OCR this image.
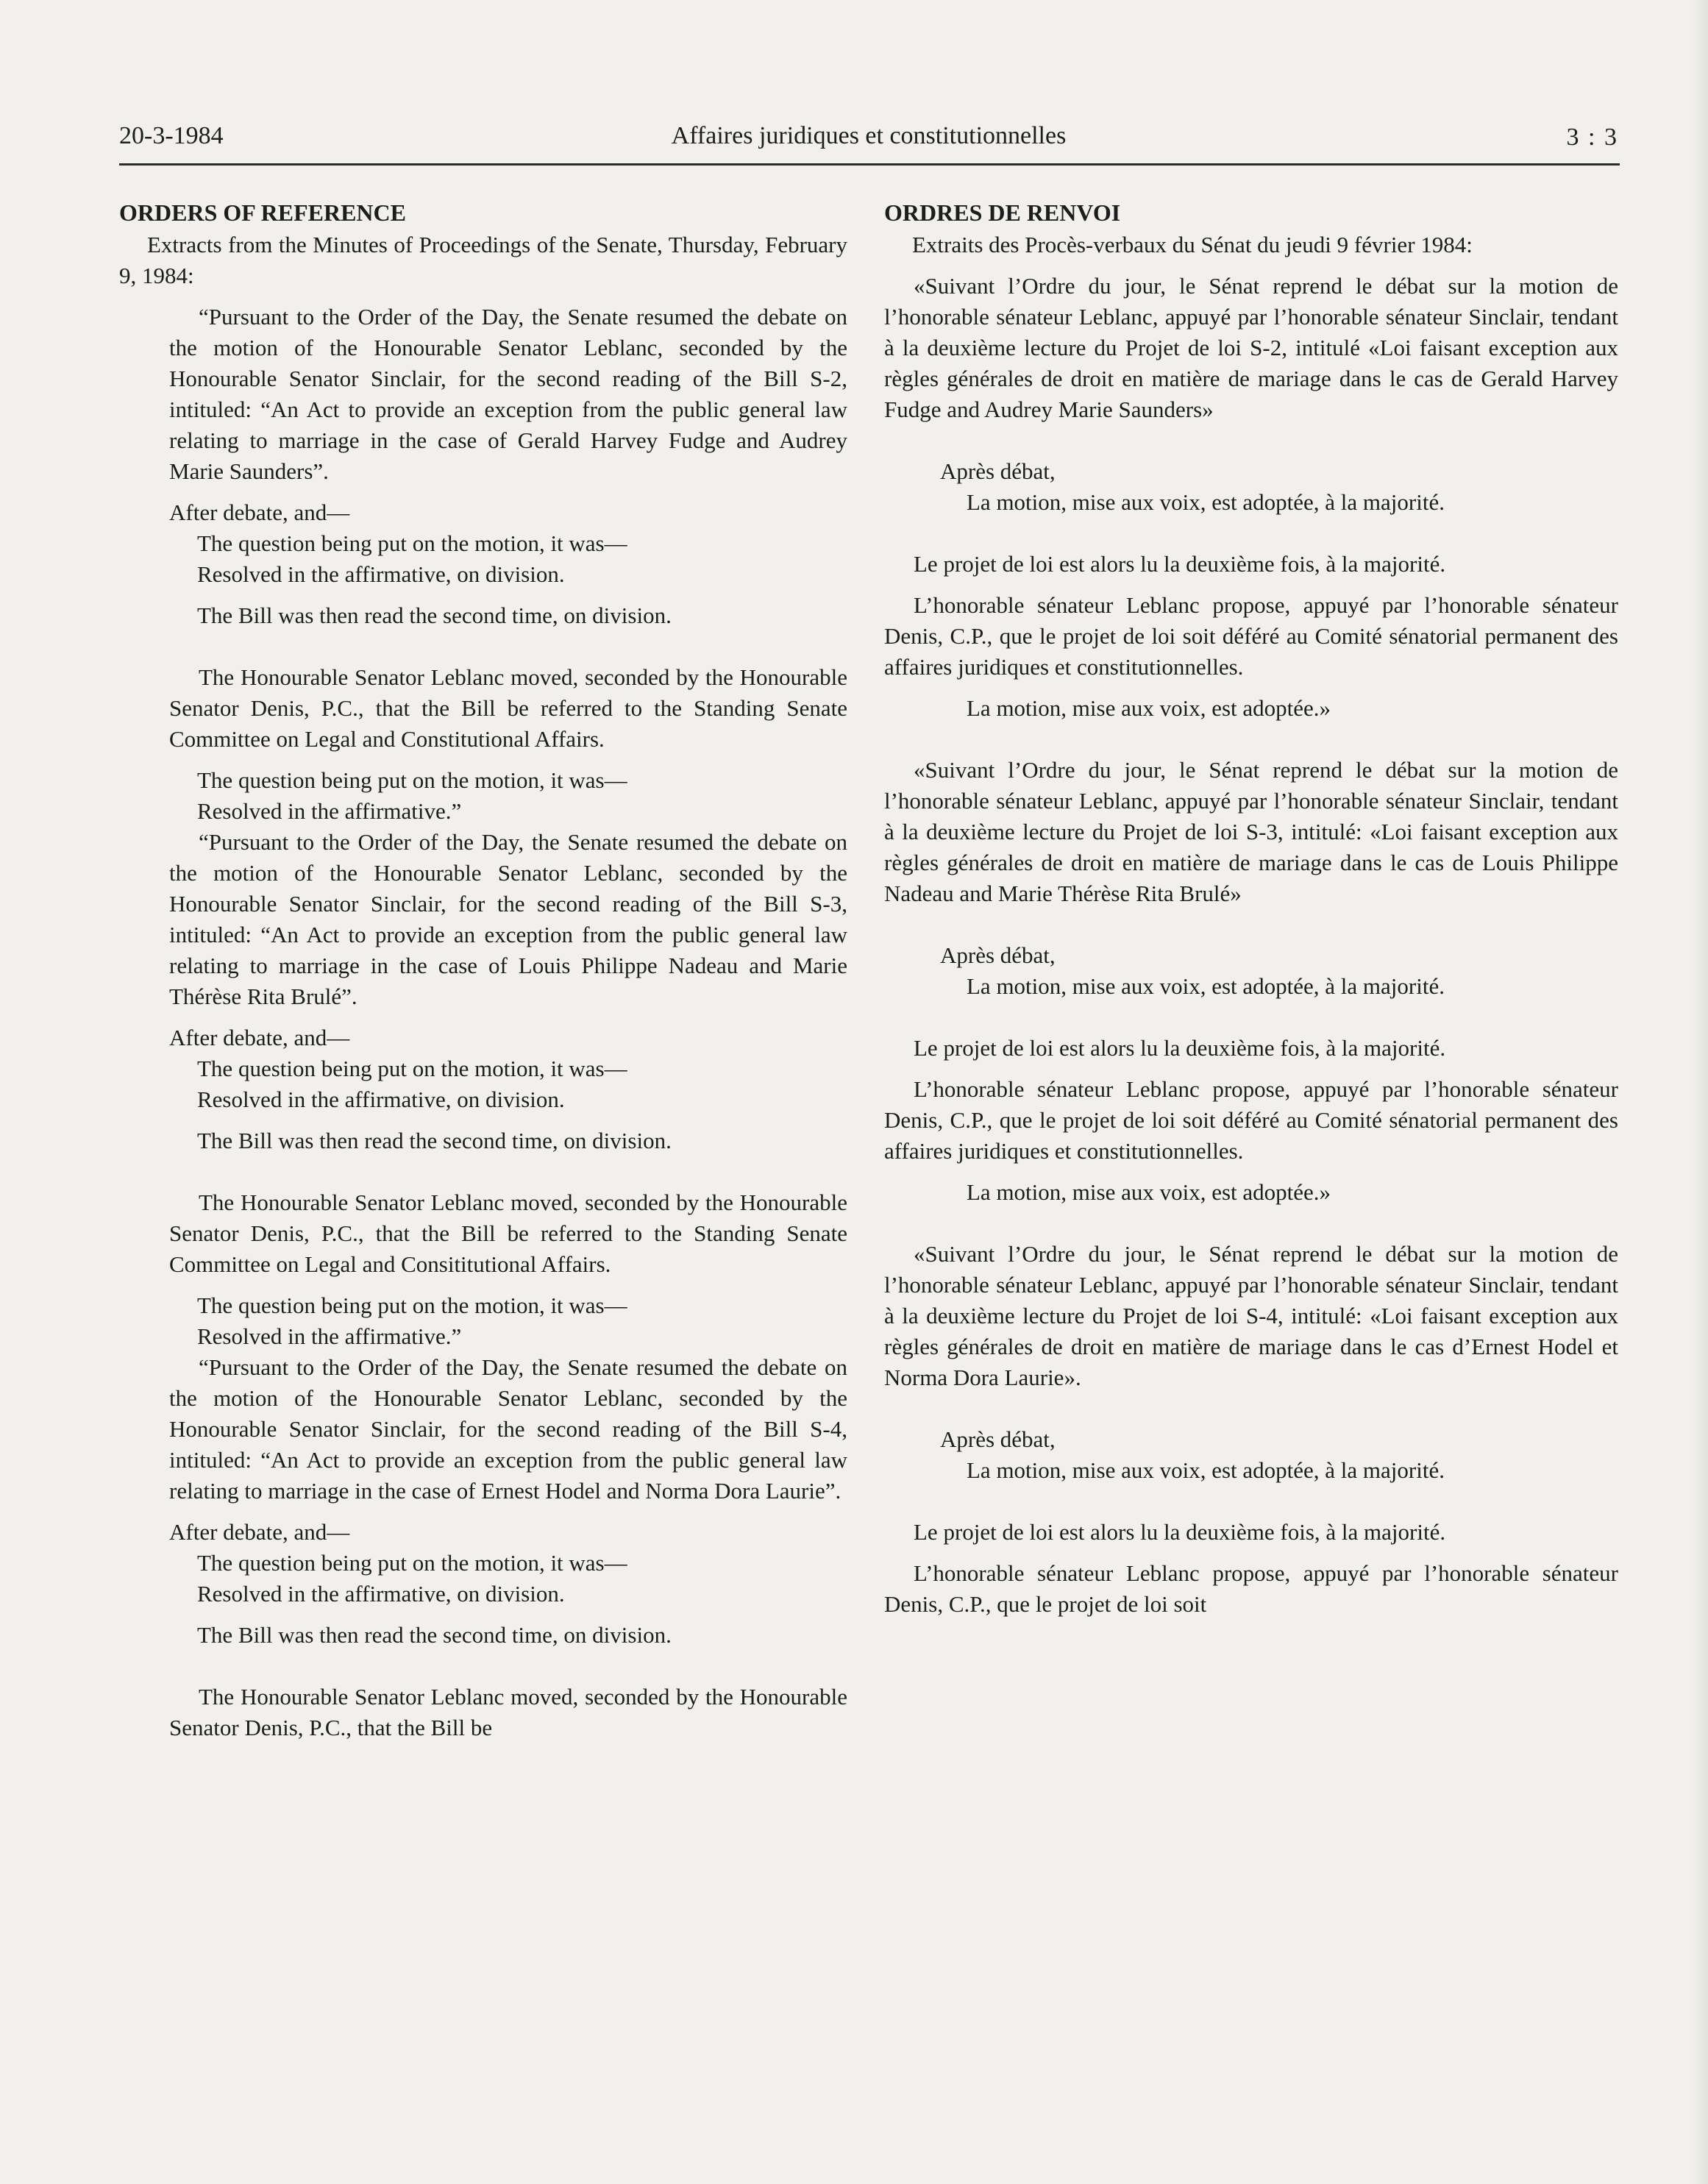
20-3-1984	Affaires juridiques et constitutionnelles	3 : 3
ORDERS OF REFERENCE

Extracts from the Minutes of Proceedings of the Senate, Thursday, February 9, 1984:

“Pursuant to the Order of the Day, the Senate resumed the debate on the motion of the Honourable Senator Leblanc, seconded by the Honourable Senator Sinclair, for the second reading of the Bill S-2, intituled: “An Act to provide an exception from the public general law relating to marriage in the case of Gerald Harvey Fudge and Audrey Marie Saunders”.

After debate, and—
The question being put on the motion, it was—
Resolved in the affirmative, on division.
The Bill was then read the second time, on division.

The Honourable Senator Leblanc moved, seconded by the Honourable Senator Denis, P.C., that the Bill be referred to the Standing Senate Committee on Legal and Constitutional Affairs.

The question being put on the motion, it was—
Resolved in the affirmative.”

“Pursuant to the Order of the Day, the Senate resumed the debate on the motion of the Honourable Senator Leblanc, seconded by the Honourable Senator Sinclair, for the second reading of the Bill S-3, intituled: “An Act to provide an exception from the public general law relating to marriage in the case of Louis Philippe Nadeau and Marie Thérèse Rita Brulé”.

After debate, and—
The question being put on the motion, it was—
Resolved in the affirmative, on division.
The Bill was then read the second time, on division.

The Honourable Senator Leblanc moved, seconded by the Honourable Senator Denis, P.C., that the Bill be referred to the Standing Senate Committee on Legal and Consititutional Affairs.

The question being put on the motion, it was—
Resolved in the affirmative.”

“Pursuant to the Order of the Day, the Senate resumed the debate on the motion of the Honourable Senator Leblanc, seconded by the Honourable Senator Sinclair, for the second reading of the Bill S-4, intituled: “An Act to provide an exception from the public general law relating to marriage in the case of Ernest Hodel and Norma Dora Laurie”.

After debate, and—
The question being put on the motion, it was—
Resolved in the affirmative, on division.
The Bill was then read the second time, on division.

The Honourable Senator Leblanc moved, seconded by the Honourable Senator Denis, P.C., that the Bill be

ORDRES DE RENVOI

Extraits des Procès-verbaux du Sénat du jeudi 9 février 1984:

«Suivant l’Ordre du jour, le Sénat reprend le débat sur la motion de l’honorable sénateur Leblanc, appuyé par l’honorable sénateur Sinclair, tendant à la deuxième lecture du Projet de loi S-2, intitulé «Loi faisant exception aux règles générales de droit en matière de mariage dans le cas de Gerald Harvey Fudge and Audrey Marie Saunders»

Après débat,
La motion, mise aux voix, est adoptée, à la majorité.

Le projet de loi est alors lu la deuxième fois, à la majorité.

L’honorable sénateur Leblanc propose, appuyé par l’honorable sénateur Denis, C.P., que le projet de loi soit déféré au Comité sénatorial permanent des affaires juridiques et constitutionnelles.

La motion, mise aux voix, est adoptée.»

«Suivant l’Ordre du jour, le Sénat reprend le débat sur la motion de l’honorable sénateur Leblanc, appuyé par l’honorable sénateur Sinclair, tendant à la deuxième lecture du Projet de loi S-3, intitulé: «Loi faisant exception aux règles générales de droit en matière de mariage dans le cas de Louis Philippe Nadeau and Marie Thérèse Rita Brulé»

Après débat,
La motion, mise aux voix, est adoptée, à la majorité.

Le projet de loi est alors lu la deuxième fois, à la majorité.

L’honorable sénateur Leblanc propose, appuyé par l’honorable sénateur Denis, C.P., que le projet de loi soit déféré au Comité sénatorial permanent des affaires juridiques et constitutionnelles.

La motion, mise aux voix, est adoptée.»

«Suivant l’Ordre du jour, le Sénat reprend le débat sur la motion de l’honorable sénateur Leblanc, appuyé par l’honorable sénateur Sinclair, tendant à la deuxième lecture du Projet de loi S-4, intitulé: «Loi faisant exception aux règles générales de droit en matière de mariage dans le cas d’Ernest Hodel et Norma Dora Laurie».

Après débat,
La motion, mise aux voix, est adoptée, à la majorité.

Le projet de loi est alors lu la deuxième fois, à la majorité.

L’honorable sénateur Leblanc propose, appuyé par l’honorable sénateur Denis, C.P., que le projet de loi soit
